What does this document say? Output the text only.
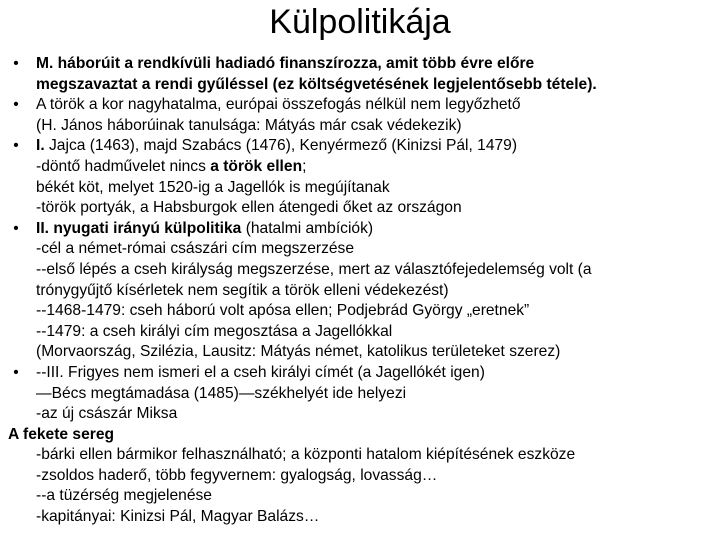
Külpolitikája
•	M. háborúit a rendkívüli hadiadó finanszírozza, amit több évre előre
megszavaztat a rendi gyűléssel (ez költségvetésének legjelentősebb tétele).
•	A török a kor nagyhatalma, európai összefogás nélkül nem legyőzhető
(H. János háborúinak tanulsága: Mátyás már csak védekezik)
•	I. Jajca (1463), majd Szabács (1476), Kenyérmező (Kinizsi Pál, 1479)
-döntő hadművelet nincs a török ellen;
békét köt, melyet 1520-ig a Jagellók is megújítanak
-török portyák, a Habsburgok ellen átengedi őket az országon
•	II. nyugati irányú külpolitika (hatalmi ambíciók)
-cél a német-római császári cím megszerzése
--első lépés a cseh királyság megszerzése, mert az választófejedelemség volt (a
trónygyűjtő kísérletek nem segítik a török elleni védekezést)
--1468-1479: cseh háború volt apósa ellen; Podjebrád György „eretnek”
--1479: a cseh királyi cím megosztása a Jagellókkal
(Morvaország, Szilézia, Lausitz: Mátyás német, katolikus területeket szerez)
•	--III. Frigyes nem ismeri el a cseh királyi címét (a Jagellókét igen)
—Bécs megtámadása (1485)—székhelyét ide helyezi
-az új császár Miksa
A fekete sereg
-bárki ellen bármikor felhasználható; a központi hatalom kiépítésének eszköze
-zsoldos haderő, több fegyvernem: gyalogság, lovasság…
--a tüzérség megjelenése
-kapitányai: Kinizsi Pál, Magyar Balázs…
